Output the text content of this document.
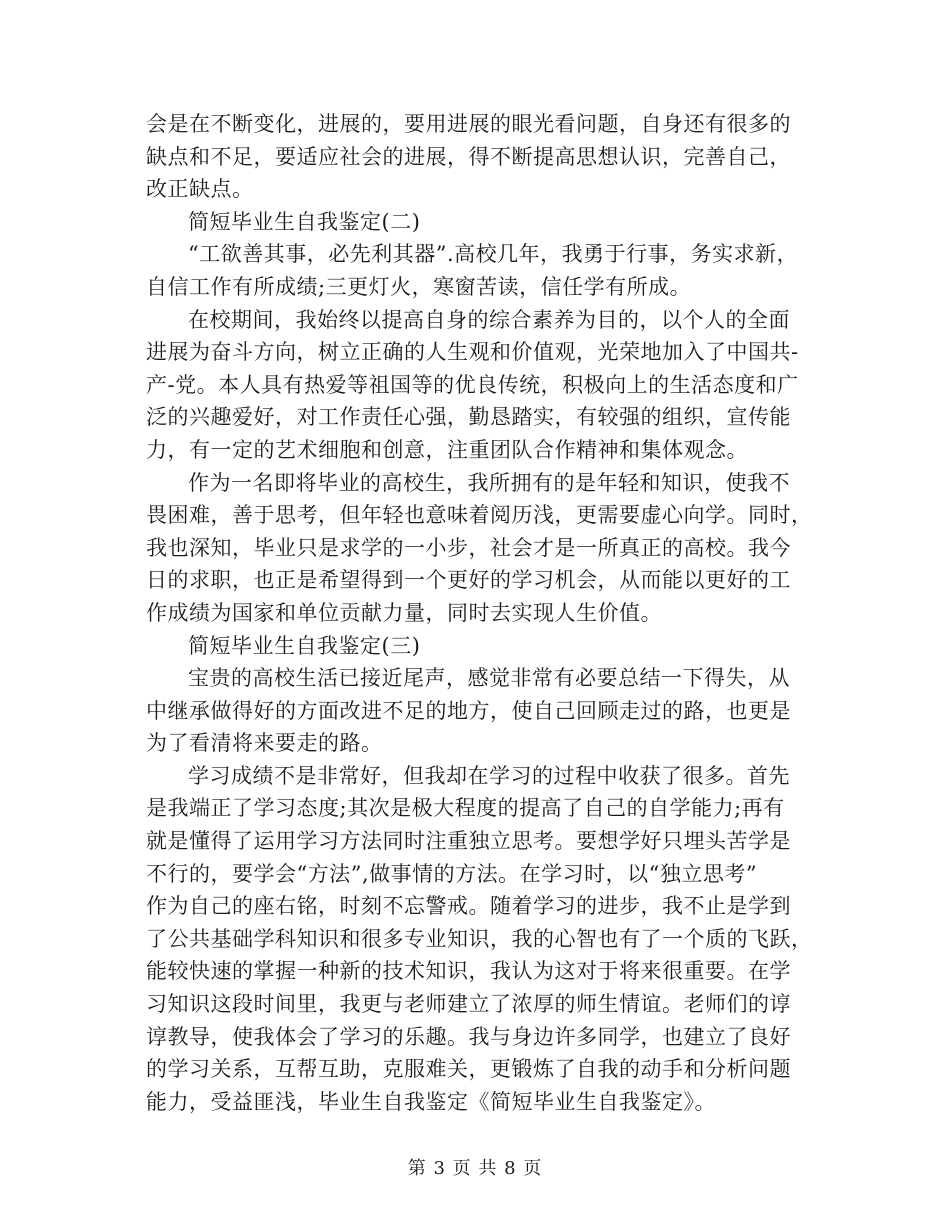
会是在不断变化，进展的，要用进展的眼光看问题，自身还有很多的
缺点和不足，要适应社会的进展，得不断提高思想认识，完善自己，
改正缺点。
简短毕业生自我鉴定(二)
“工欲善其事，必先利其器”.高校几年，我勇于行事，务实求新，
自信工作有所成绩;三更灯火，寒窗苦读，信任学有所成。
在校期间，我始终以提高自身的综合素养为目的，以个人的全面
进展为奋斗方向，树立正确的人生观和价值观，光荣地加入了中国共-
产-党。本人具有热爱等祖国等的优良传统，积极向上的生活态度和广
泛的兴趣爱好，对工作责任心强，勤恳踏实，有较强的组织，宣传能
力，有一定的艺术细胞和创意，注重团队合作精神和集体观念。
作为一名即将毕业的高校生，我所拥有的是年轻和知识，使我不
畏困难，善于思考，但年轻也意味着阅历浅，更需要虚心向学。同时，
我也深知，毕业只是求学的一小步，社会才是一所真正的高校。我今
日的求职，也正是希望得到一个更好的学习机会，从而能以更好的工
作成绩为国家和单位贡献力量，同时去实现人生价值。
简短毕业生自我鉴定(三)
宝贵的高校生活已接近尾声，感觉非常有必要总结一下得失，从
中继承做得好的方面改进不足的地方，使自己回顾走过的路，也更是
为了看清将来要走的路。
学习成绩不是非常好，但我却在学习的过程中收获了很多。首先
是我端正了学习态度;其次是极大程度的提高了自己的自学能力;再有
就是懂得了运用学习方法同时注重独立思考。要想学好只埋头苦学是
不行的，要学会“方法”,做事情的方法。在学习时，以“独立思考”
作为自己的座右铭，时刻不忘警戒。随着学习的进步，我不止是学到
了公共基础学科知识和很多专业知识，我的心智也有了一个质的飞跃，
能较快速的掌握一种新的技术知识，我认为这对于将来很重要。在学
习知识这段时间里，我更与老师建立了浓厚的师生情谊。老师们的谆
谆教导，使我体会了学习的乐趣。我与身边许多同学，也建立了良好
的学习关系，互帮互助，克服难关，更锻炼了自我的动手和分析问题
能力，受益匪浅，毕业生自我鉴定《简短毕业生自我鉴定》。
第 3 页 共 8 页
